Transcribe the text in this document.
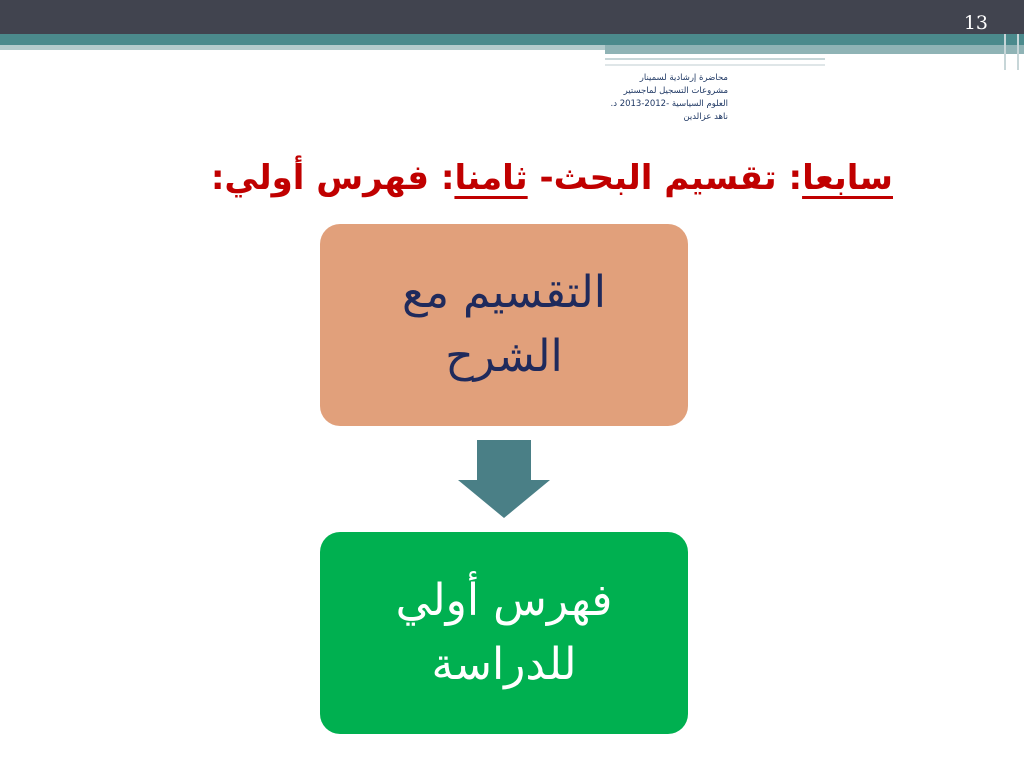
13
محاضرة إرشادية لسمينار
مشروعات التسجيل لماجستير
العلوم السياسية -2012-2013 د.
ناهد عزالدين
سابعا: تقسيم البحث- ثامنا: فهرس أولي:
التقسيم مع
الشرح
فهرس أولي
للدراسة
